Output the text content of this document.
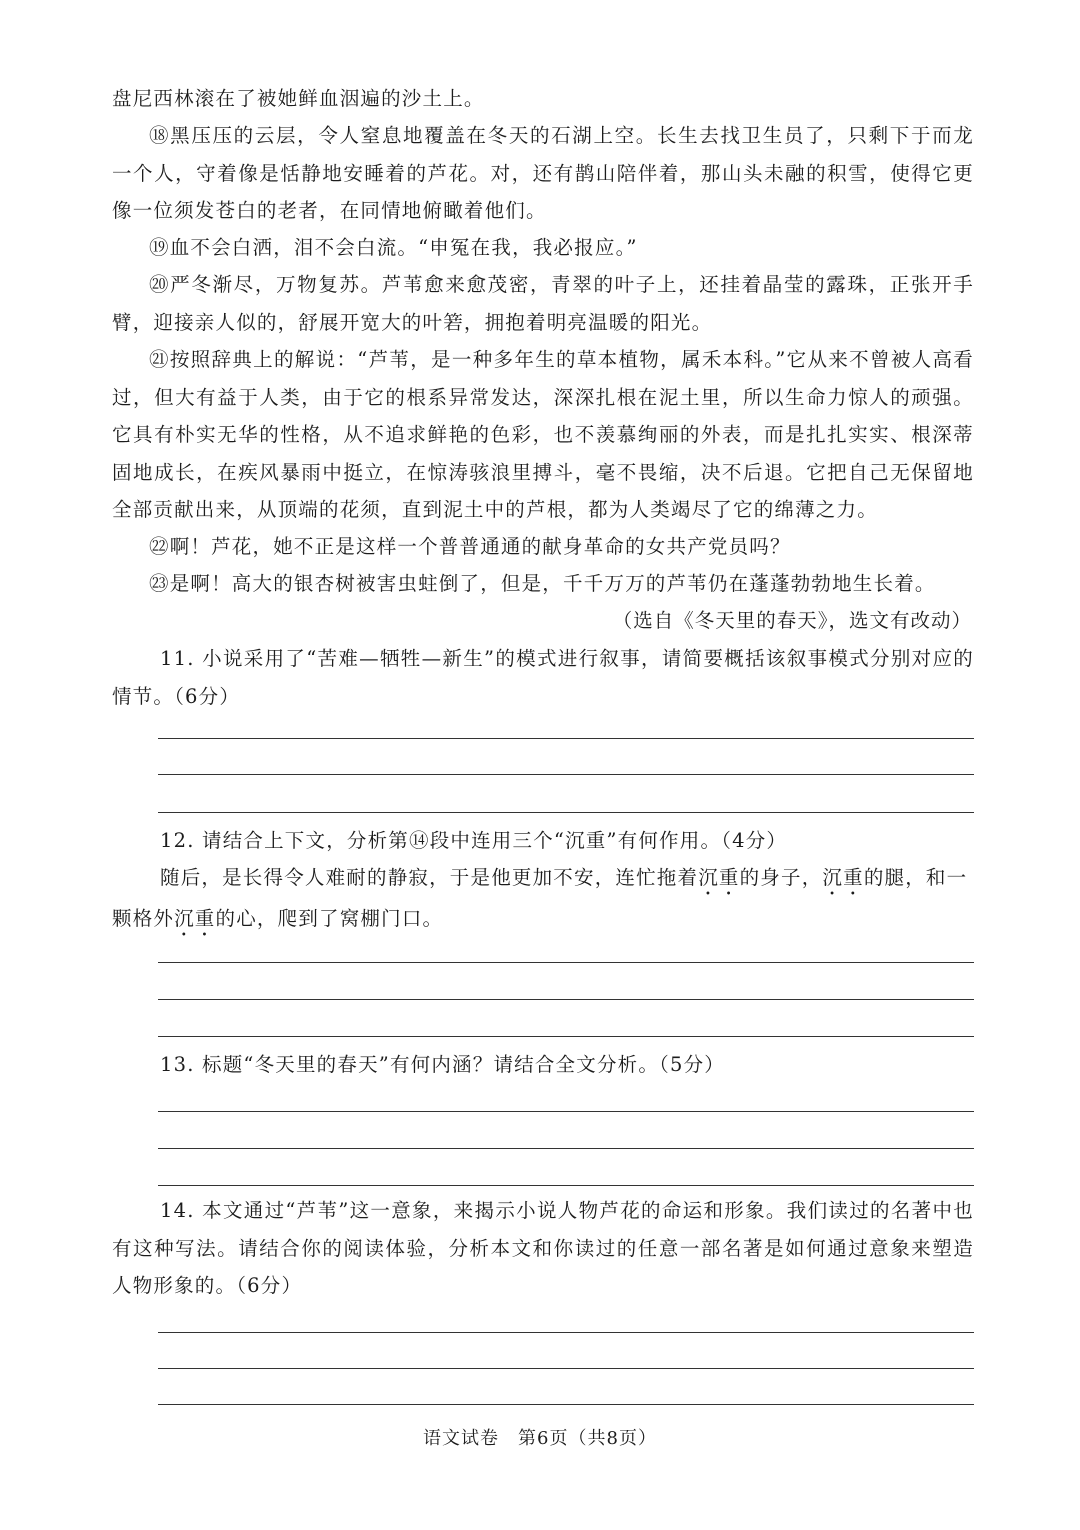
盘尼西林滚在了被她鲜血洇遍的沙土上。
⑱黑压压的云层，令人窒息地覆盖在冬天的石湖上空。长生去找卫生员了，只剩下于而龙一个人，守着像是恬静地安睡着的芦花。对，还有鹊山陪伴着，那山头未融的积雪，使得它更像一位须发苍白的老者，在同情地俯瞰着他们。
⑲血不会白洒，泪不会白流。“申冤在我，我必报应。”
⑳严冬渐尽，万物复苏。芦苇愈来愈茂密，青翠的叶子上，还挂着晶莹的露珠，正张开手臂，迎接亲人似的，舒展开宽大的叶箬，拥抱着明亮温暖的阳光。
㉑按照辞典上的解说：“芦苇，是一种多年生的草本植物，属禾本科。”它从来不曾被人高看过，但大有益于人类，由于它的根系异常发达，深深扎根在泥土里，所以生命力惊人的顽强。它具有朴实无华的性格，从不追求鲜艳的色彩，也不羡慕绚丽的外表，而是扎扎实实、根深蒂固地成长，在疾风暴雨中挺立，在惊涛骇浪里搏斗，毫不畏缩，决不后退。它把自己无保留地全部贡献出来，从顶端的花须，直到泥土中的芦根，都为人类竭尽了它的绵薄之力。
㉒啊！芦花，她不正是这样一个普普通通的献身革命的女共产党员吗？
㉓是啊！高大的银杏树被害虫蛀倒了，但是，千千万万的芦苇仍在蓬蓬勃勃地生长着。
（选自《冬天里的春天》，选文有改动）
11. 小说采用了“苦难—牺牲—新生”的模式进行叙事，请简要概括该叙事模式分别对应的情节。（6分）
12. 请结合上下文，分析第⑭段中连用三个“沉重”有何作用。（4分）
随后，是长得令人难耐的静寂，于是他更加不安，连忙拖着沉重的身子，沉重的腿，和一颗格外沉重的心，爬到了窝棚门口。
13. 标题“冬天里的春天”有何内涵？请结合全文分析。（5分）
14. 本文通过“芦苇”这一意象，来揭示小说人物芦花的命运和形象。我们读过的名著中也有这种写法。请结合你的阅读体验，分析本文和你读过的任意一部名著是如何通过意象来塑造人物形象的。（6分）
语文试卷　第6页（共8页）
